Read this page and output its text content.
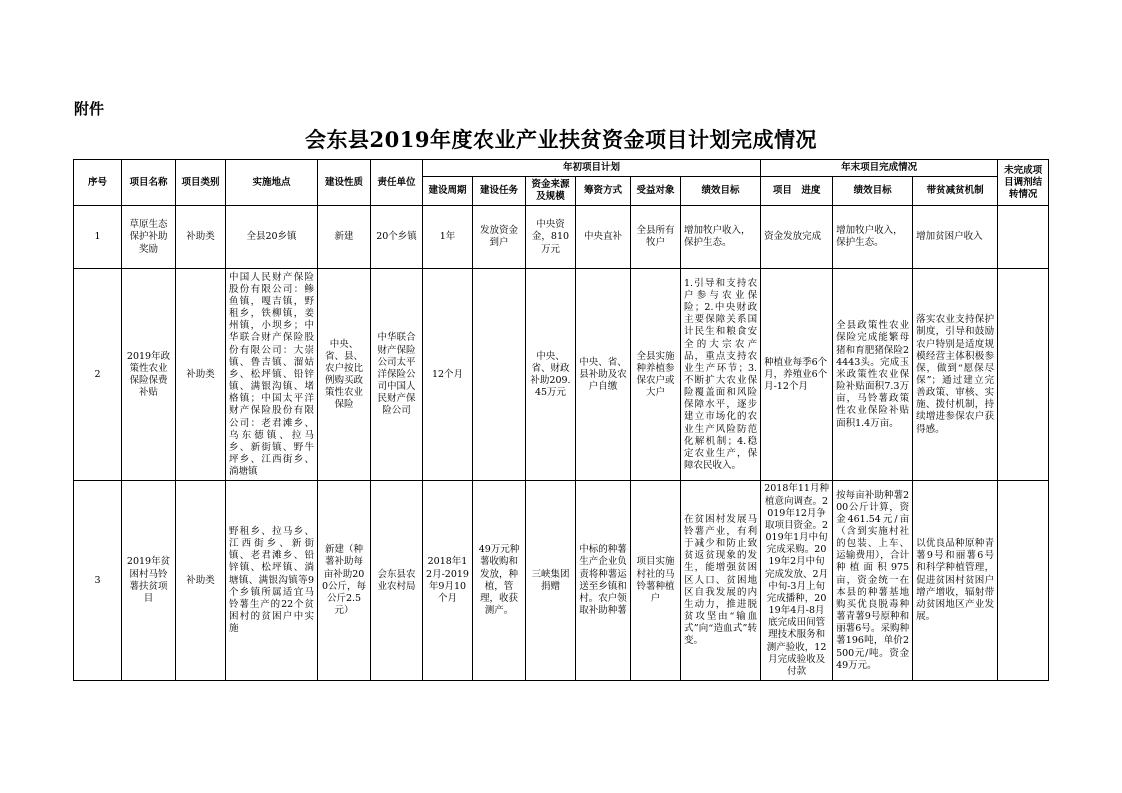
附件
会东县2019年度农业产业扶贫资金项目计划完成情况
序号	项目名称	项目类别	实施地点	建设性质	责任单位	年初项目计划						年末项目完成情况			未完成项目调剂结转情况
						建设周期	建设任务	资金来源及规模	筹资方式	受益对象	绩效目标	项目　进度	绩效目标	带贫减贫机制	
1	草原生态保护补助奖励	补助类	全县20乡镇	新建	20个乡镇	1年	发放资金到户	中央资金，810万元	中央直补	全县所有牧户	增加牧户收入，保护生态。	资金发放完成	增加牧户收入，保护生态。	增加贫困户收入	
2	2019年政策性农业保险保费补贴	补助类	中国人民财产保险股份有限公司：鲹鱼镇，嘎吉镇，野租乡，铁柳镇，姜州镇，小坝乡；中华联合财产保险股份有限公司：大崇镇、鲁吉镇、溜姑乡、松坪镇、铅锌镇、满银沟镇、堵格镇；中国太平洋财产保险股份有限公司：老君滩乡、乌东德镇、拉马乡、新街镇、野牛坪乡、江西街乡、淌塘镇	中央、省、县、农户按比例购买政策性农业保险	中华联合财产保险公司太平洋保险公司中国人民财产保险公司	12个月		中央、省、财政补助209.45万元	中央、省、县补助及农户自缴	全县实施种养植参保农户或大户	1.引导和支持农户参与农业保险；2.中央财政主要保障关系国计民生和粮食安全的大宗农产品，重点支持农业生产环节；3.不断扩大农业保险覆盖面和风险保障水平，逐步建立市场化的农业生产风险防范化解机制；4.稳定农业生产，保障农民收入。	种植业每季6个月，养殖业6个月-12个月	全县政策性农业保险完成能繁母猪和育肥猪保险24443头。完成玉米政策性农业保险补贴面积7.3万亩，马铃薯政策性农业保险补贴面积1.4万亩。	落实农业支持保护制度，引导和鼓励农户特别是适度规模经营主体积极参保，做到“愿保尽保”；通过建立完善政策、审核、实施、拨付机制，持续增进参保农户获得感。	
3	2019年贫困村马铃薯扶贫项目	补助类	野租乡、拉马乡、江西街乡、新街镇、老君滩乡、铅锌镇、松坪镇、淌塘镇、满银沟镇等9个乡镇所属适宜马铃薯生产的22个贫困村的贫困户中实施	新建（种薯补助每亩补助200公斤，每公斤2.5元）	会东县农业农村局	2018年12月-2019年9月10个月	49万元种薯收购和发放，种植，管理，收获测产。	三峡集团捐赠	中标的种薯生产企业负责将种薯运送至乡镇和村。农户领取补助种薯	项目实施村社的马铃薯种植户	在贫困村发展马铃薯产业，有利于减少和防止致贫返贫现象的发生，能增强贫困区人口、贫困地区自我发展的内生动力，推进脱贫攻坚由“输血式”向“造血式”转变。	2018年11月种植意向调查。2019年12月争取项目资金。2019年1月中旬完成采购。2019年2月中旬完成发放、2月中旬-3月上旬完成播种，2019年4月-8月底完成田间管理技术服务和测产验收，12月完成验收及付款	按每亩补助种薯200公斤计算，资金461.54元/亩（含到实施村社的包装、上车、运输费用），合计种植面积975亩，资金统一在本县的种薯基地购买优良脱毒种薯青薯9号原种和丽薯6号。采购种薯196吨，单价2500元/吨。资金49万元。	以优良品种原种青薯9号和丽薯6号和科学种植管理，促进贫困村贫困户增产增收，辐射带动贫困地区产业发展。	
